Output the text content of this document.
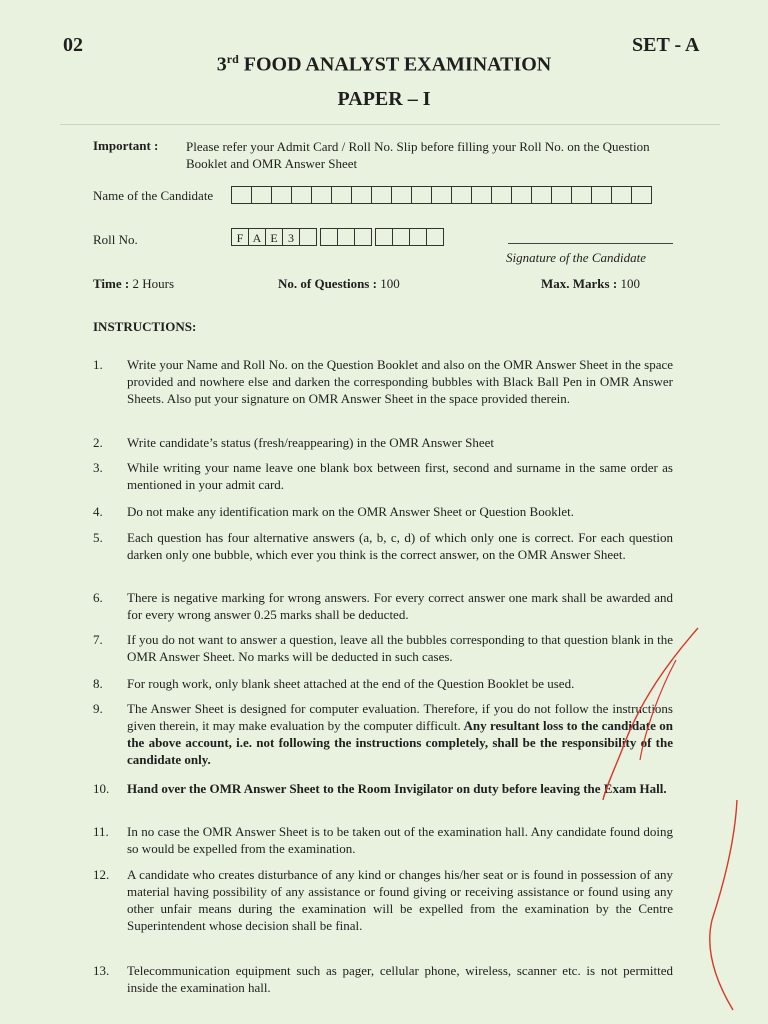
02	SET - A
3rd FOOD ANALYST EXAMINATION
PAPER – I
Important : Please refer your Admit Card / Roll No. Slip before filling your Roll No. on the Question Booklet and OMR Answer Sheet
Name of the Candidate
Roll No.	F A E 3
Signature of the Candidate
Time : 2 Hours	No. of Questions : 100	Max. Marks : 100
INSTRUCTIONS:
1.	Write your Name and Roll No. on the Question Booklet and also on the OMR Answer Sheet in the space provided and nowhere else and darken the corresponding bubbles with Black Ball Pen in OMR Answer Sheets. Also put your signature on OMR Answer Sheet in the space provided therein.
2.	Write candidate’s status (fresh/reappearing) in the OMR Answer Sheet
3.	While writing your name leave one blank box between first, second and surname in the same order as mentioned in your admit card.
4.	Do not make any identification mark on the OMR Answer Sheet or Question Booklet.
5.	Each question has four alternative answers (a, b, c, d) of which only one is correct. For each question darken only one bubble, which ever you think is the correct answer, on the OMR Answer Sheet.
6.	There is negative marking for wrong answers. For every correct answer one mark shall be awarded and for every wrong answer 0.25 marks shall be deducted.
7.	If you do not want to answer a question, leave all the bubbles corresponding to that question blank in the OMR Answer Sheet. No marks will be deducted in such cases.
8.	For rough work, only blank sheet attached at the end of the Question Booklet be used.
9.	The Answer Sheet is designed for computer evaluation. Therefore, if you do not follow the instructions given therein, it may make evaluation by the computer difficult. Any resultant loss to the candidate on the above account, i.e. not following the instructions completely, shall be the responsibility of the candidate only.
10.	Hand over the OMR Answer Sheet to the Room Invigilator on duty before leaving the Exam Hall.
11.	In no case the OMR Answer Sheet is to be taken out of the examination hall. Any candidate found doing so would be expelled from the examination.
12.	A candidate who creates disturbance of any kind or changes his/her seat or is found in possession of any material having possibility of any assistance or found giving or receiving assistance or found using any other unfair means during the examination will be expelled from the examination by the Centre Superintendent whose decision shall be final.
13.	Telecommunication equipment such as pager, cellular phone, wireless, scanner etc. is not permitted inside the examination hall.
